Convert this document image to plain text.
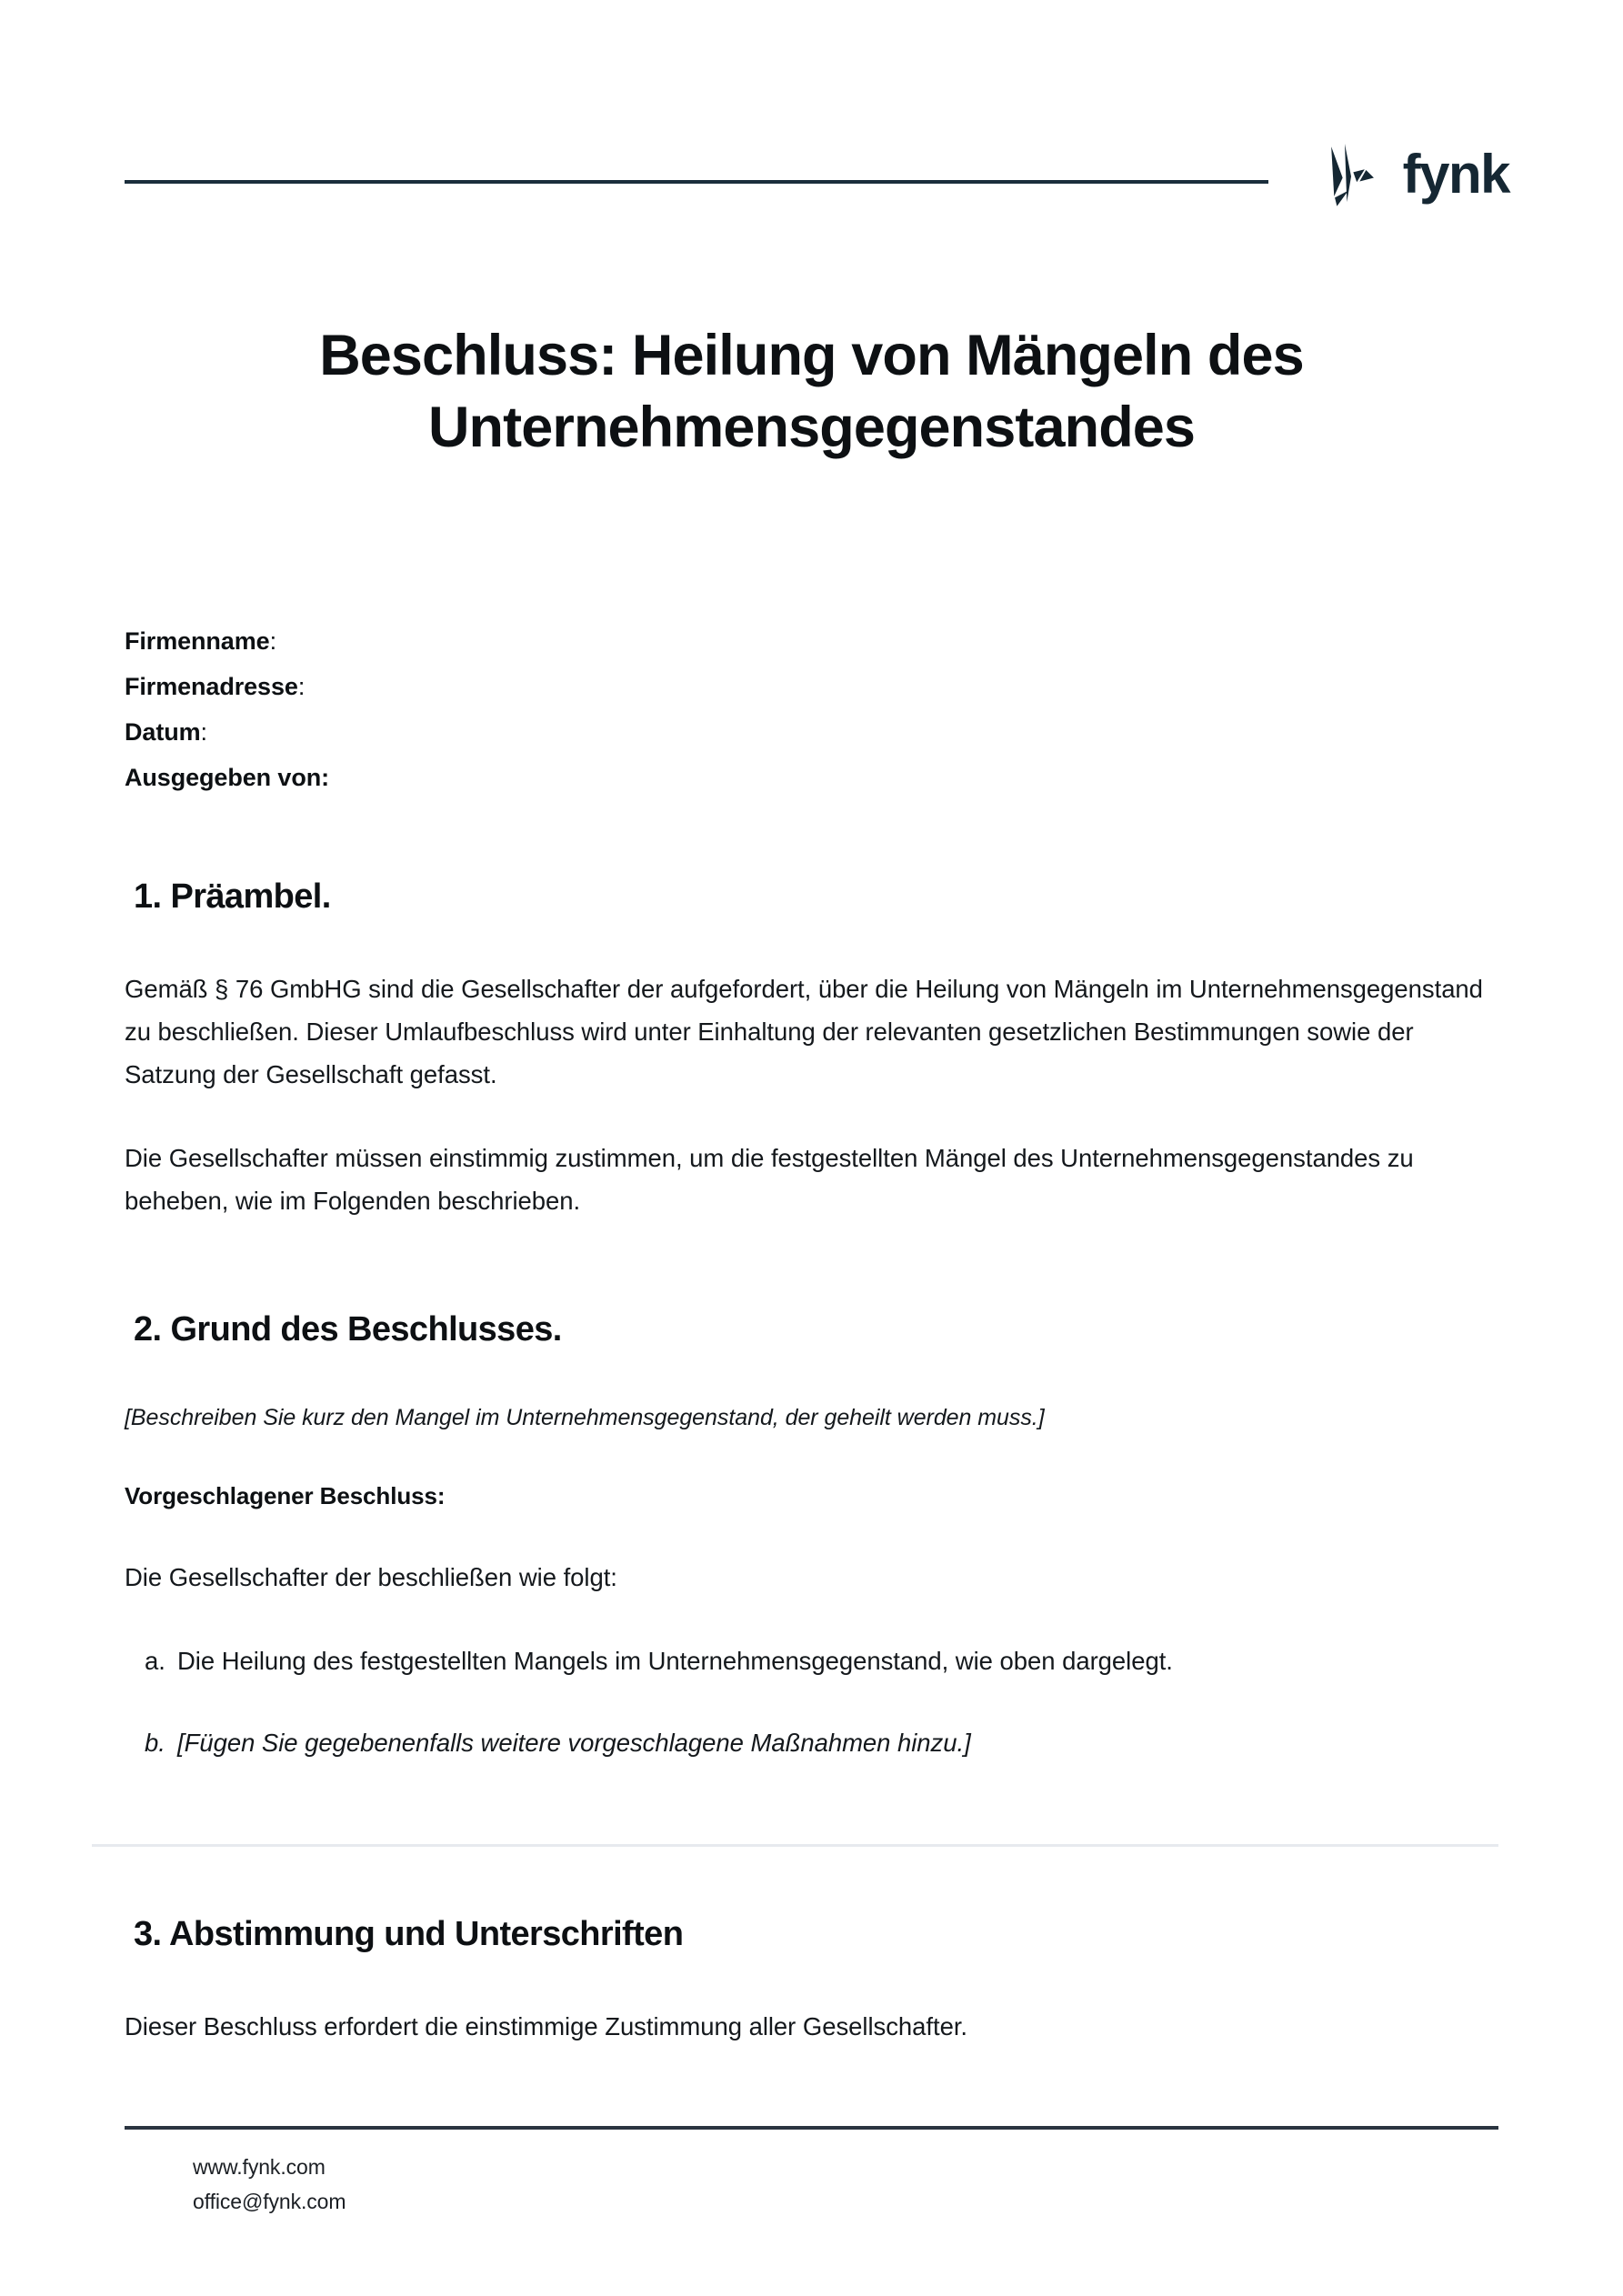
fynk
Beschluss: Heilung von Mängeln des Unternehmensgegenstandes
Firmenname:
Firmenadresse:
Datum:
Ausgegeben von:
1. Präambel.

Gemäß § 76 GmbHG sind die Gesellschafter der aufgefordert, über die Heilung von Mängeln im Unternehmensgegenstand zu beschließen. Dieser Umlaufbeschluss wird unter Einhaltung der relevanten gesetzlichen Bestimmungen sowie der Satzung der Gesellschaft gefasst.

Die Gesellschafter müssen einstimmig zustimmen, um die festgestellten Mängel des Unternehmensgegenstandes zu beheben, wie im Folgenden beschrieben.

2. Grund des Beschlusses.

[Beschreiben Sie kurz den Mangel im Unternehmensgegenstand, der geheilt werden muss.]

Vorgeschlagener Beschluss:

Die Gesellschafter der beschließen wie folgt:

a. Die Heilung des festgestellten Mangels im Unternehmensgegenstand, wie oben dargelegt.
b. [Fügen Sie gegebenenfalls weitere vorgeschlagene Maßnahmen hinzu.]
3. Abstimmung und Unterschriften

Dieser Beschluss erfordert die einstimmige Zustimmung aller Gesellschafter.

www.fynk.com
office@fynk.com
